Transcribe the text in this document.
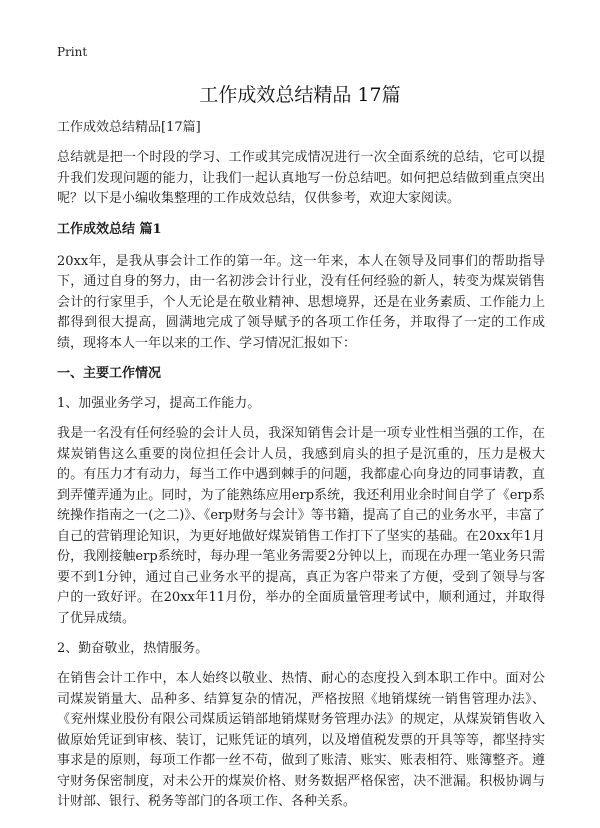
Print
工作成效总结精品 17篇

工作成效总结精品[17篇]

总结就是把一个时段的学习、工作或其完成情况进行一次全面系统的总结，它可以提升我们发现问题的能力，让我们一起认真地写一份总结吧。如何把总结做到重点突出呢？以下是小编收集整理的工作成效总结，仅供参考，欢迎大家阅读。

工作成效总结 篇1

20xx年，是我从事会计工作的第一年。这一年来，本人在领导及同事们的帮助指导下，通过自身的努力，由一名初涉会计行业，没有任何经验的新人，转变为煤炭销售会计的行家里手，个人无论是在敬业精神、思想境界，还是在业务素质、工作能力上都得到很大提高，圆满地完成了领导赋予的各项工作任务，并取得了一定的工作成绩，现将本人一年以来的工作、学习情况汇报如下：

一、主要工作情况

1、加强业务学习，提高工作能力。

我是一名没有任何经验的会计人员，我深知销售会计是一项专业性相当强的工作，在煤炭销售这么重要的岗位担任会计人员，我感到肩头的担子是沉重的，压力是极大的。有压力才有动力，每当工作中遇到棘手的问题，我都虚心向身边的同事请教，直到弄懂弄通为止。同时，为了能熟练应用erp系统，我还利用业余时间自学了《erp系统操作指南之一(之二)》、《erp财务与会计》等书籍，提高了自己的业务水平，丰富了自己的营销理论知识，为更好地做好煤炭销售工作打下了坚实的基础。在20xx年1月份，我刚接触erp系统时，每办理一笔业务需要2分钟以上，而现在办理一笔业务只需要不到1分钟，通过自己业务水平的提高，真正为客户带来了方便，受到了领导与客户的一致好评。在20xx年11月份，举办的全面质量管理考试中，顺利通过，并取得了优异成绩。

2、勤奋敬业，热情服务。

在销售会计工作中，本人始终以敬业、热情、耐心的态度投入到本职工作中。面对公司煤炭销量大、品种多、结算复杂的情况，严格按照《地销煤统一销售管理办法》、《兖州煤业股份有限公司煤质运销部地销煤财务管理办法》的规定，从煤炭销售收入做原始凭证到审核、装订，记账凭证的填列，以及增值税发票的开具等等，都坚持实事求是的原则，每项工作都一丝不苟，做到了账清、账实、账表相符、账簿整齐。遵守财务保密制度，对未公开的煤炭价格、财务数据严格保密，决不泄漏。积极协调与计财部、银行、税务等部门的各项工作、各种关系。
